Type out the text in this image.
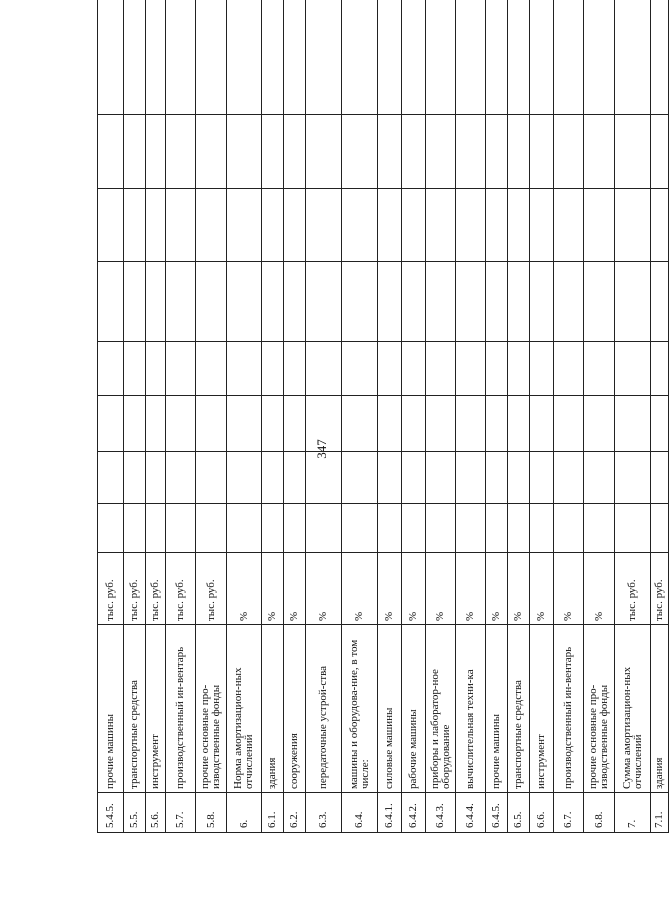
347
5.4.5.	прочие машины	тыс. руб.								
5.5.	транспортные средства	тыс. руб.								
5.6.	инструмент	тыс. руб.								
5.7.	производственный ин-вентарь	тыс. руб.								
5.8.	прочие основные про-изводственные фонды	тыс. руб.								
6.	Норма амортизацион-ных отчислений	%								
6.1.	здания	%								
6.2.	сооружения	%								
6.3.	передаточные устрой-ства	%								
6.4.	машины и оборудова-ние, в том числе:	%								
6.4.1.	силовые машины	%								
6.4.2.	рабочие машины	%								
6.4.3.	приборы и лаборатор-ное оборудование	%								
6.4.4.	вычислительная техни-ка	%								
6.4.5.	прочие машины	%								
6.5.	транспортные средства	%								
6.6.	инструмент	%								
6.7.	производственный ин-вентарь	%								
6.8.	прочие основные про-изводственные фонды	%								
7.	Сумма амортизацион-ных отчислений	тыс. руб.								
7.1.	здания	тыс. руб.								
